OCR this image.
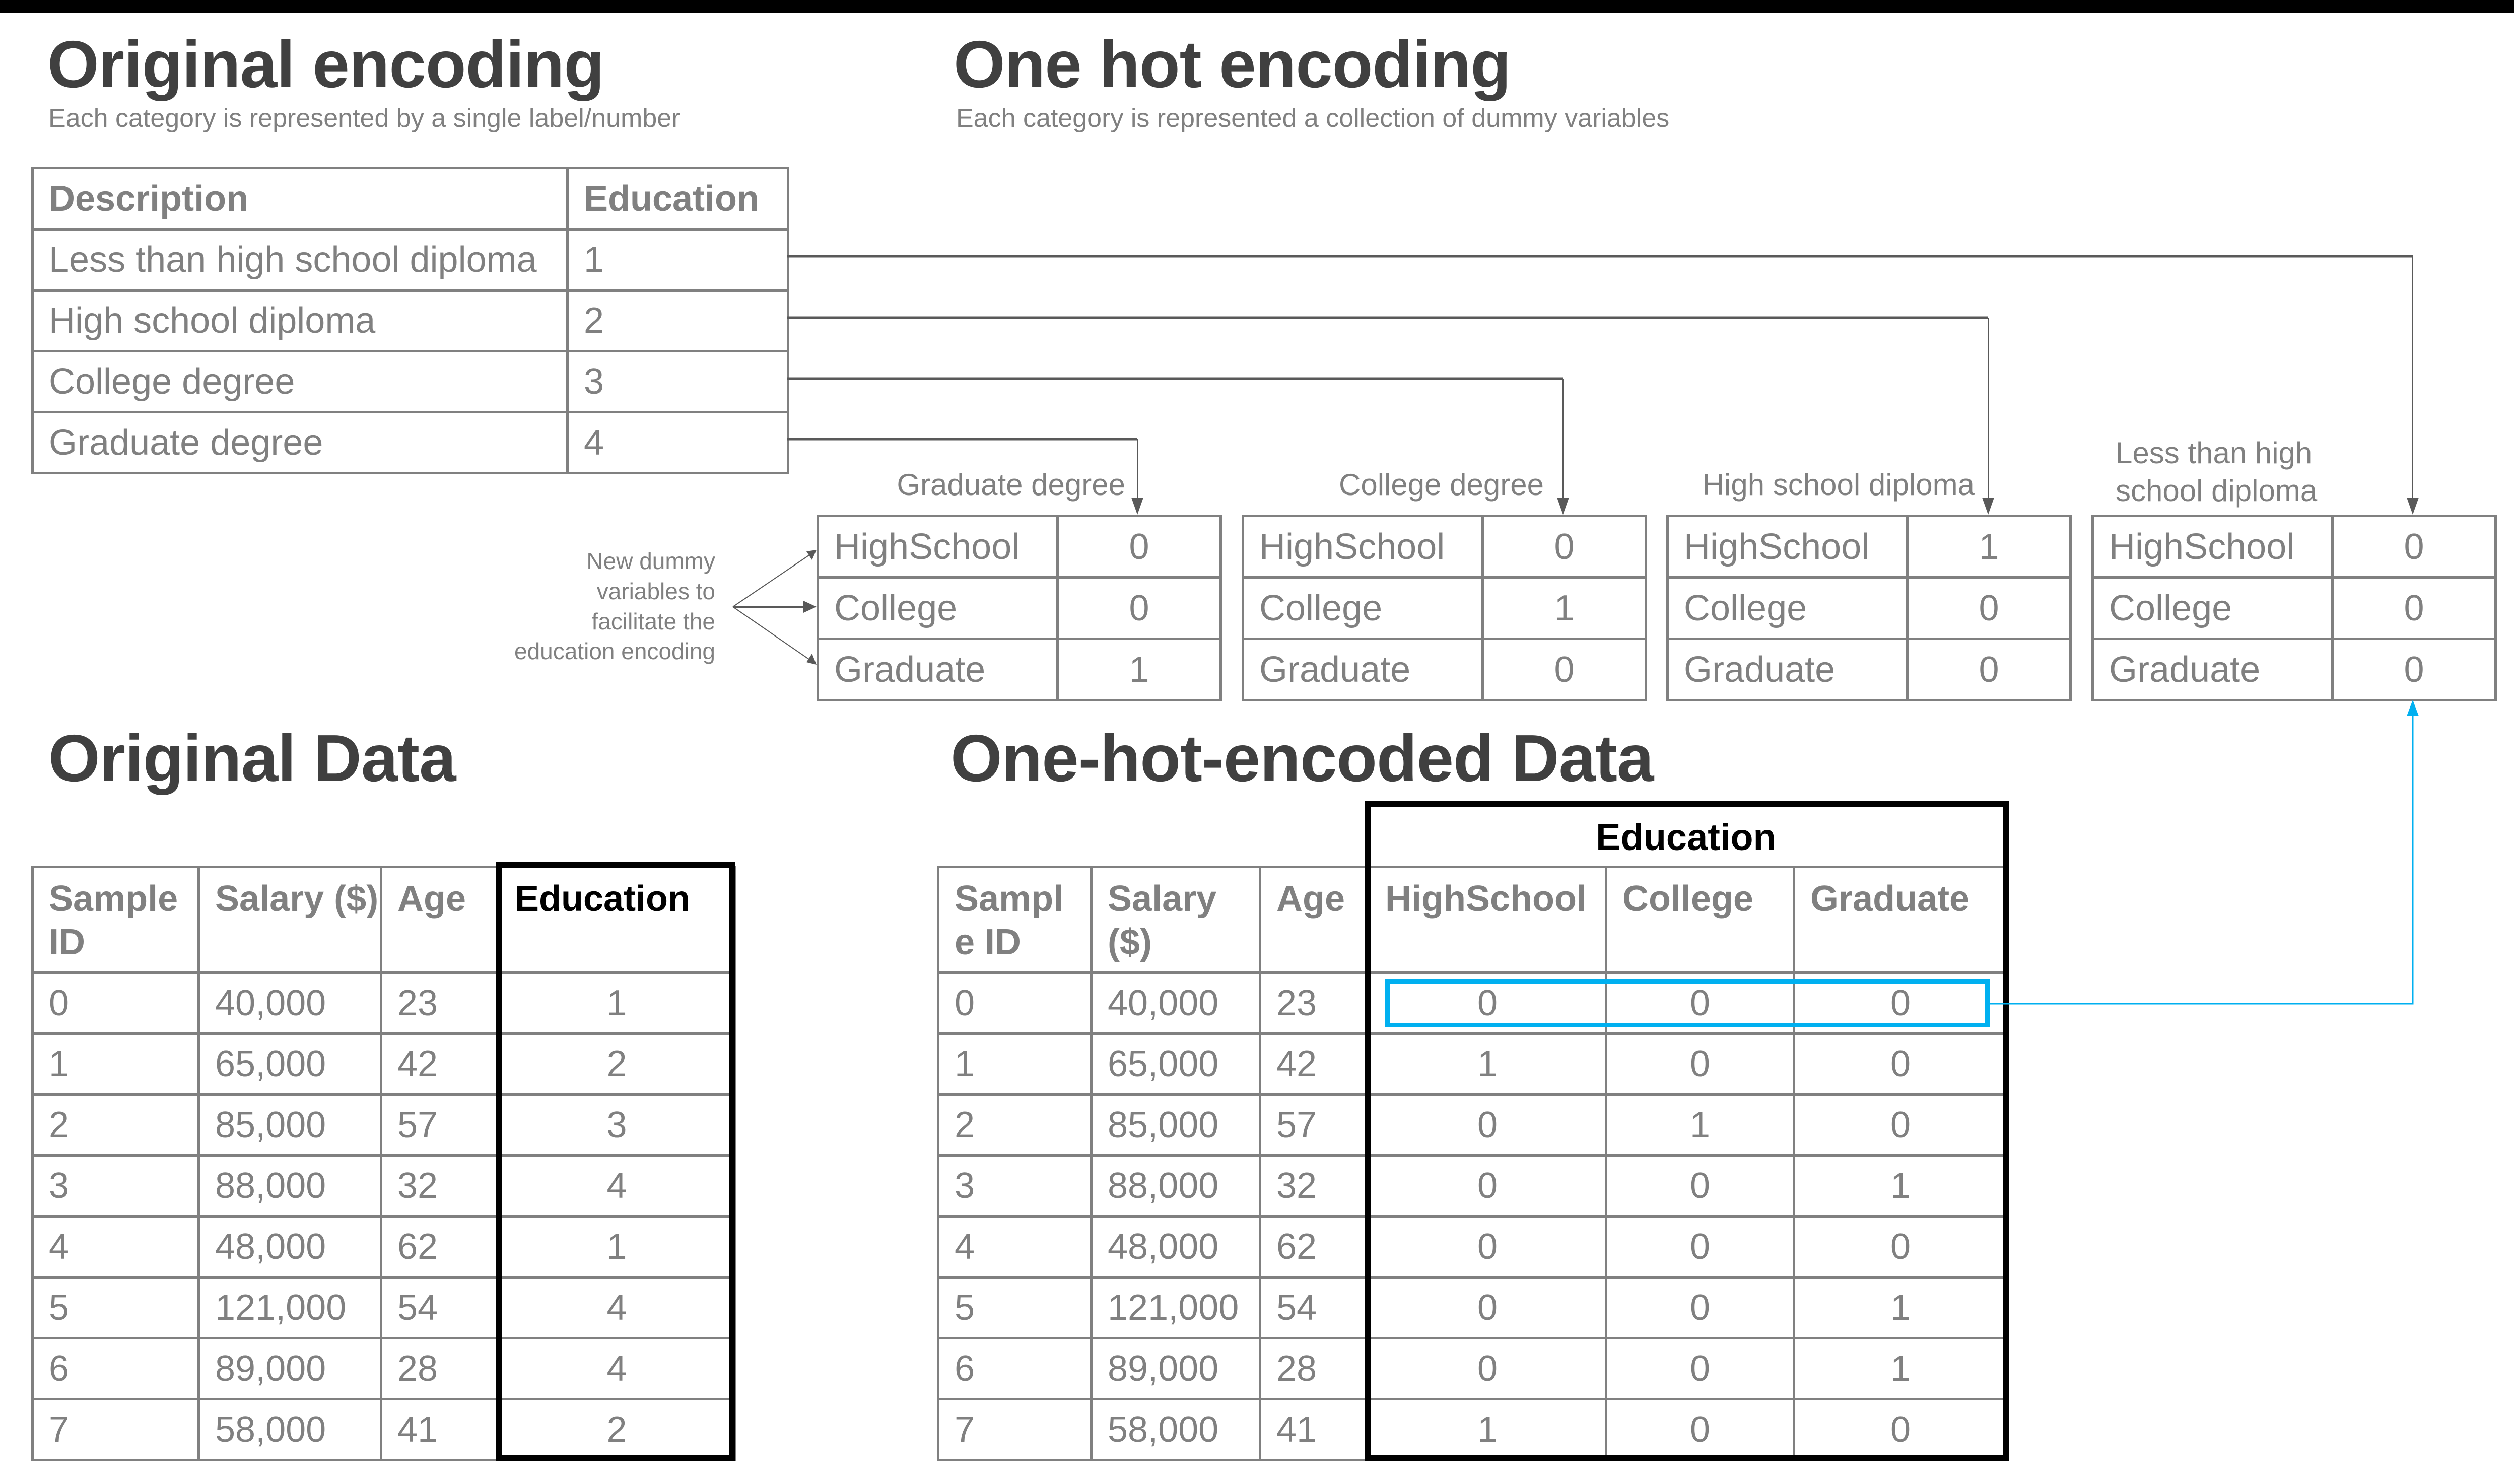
Original encoding
Each category is represented by a single label/number
Description	Education
Less than high school diploma	1
High school diploma	2
College degree	3
Graduate degree	4
One hot encoding
Each category is represented a collection of dummy variables
Graduate degree	College degree	High school diploma
Less than high
school diploma
HighSchool	0
College	0
Graduate	1
HighSchool	0
College	1
Graduate	0
HighSchool	1
College	0
Graduate	0
HighSchool	0
College	0
Graduate	0
New dummy
variables to
facilitate the
education encoding
Original Data
Sample ID	Salary ($)	Age	Education
0	40,000	23	1
1	65,000	42	2
2	85,000	57	3
3	88,000	32	4
4	48,000	62	1
5	121,000	54	4
6	89,000	28	4
7	58,000	41	2
One-hot-encoded Data
Education
Sampl e ID	Salary ($)	Age	HighSchool	College	Graduate
0	40,000	23	0	0	0
1	65,000	42	1	0	0
2	85,000	57	0	1	0
3	88,000	32	0	0	1
4	48,000	62	0	0	0
5	121,000	54	0	0	1
6	89,000	28	0	0	1
7	58,000	41	1	0	0
